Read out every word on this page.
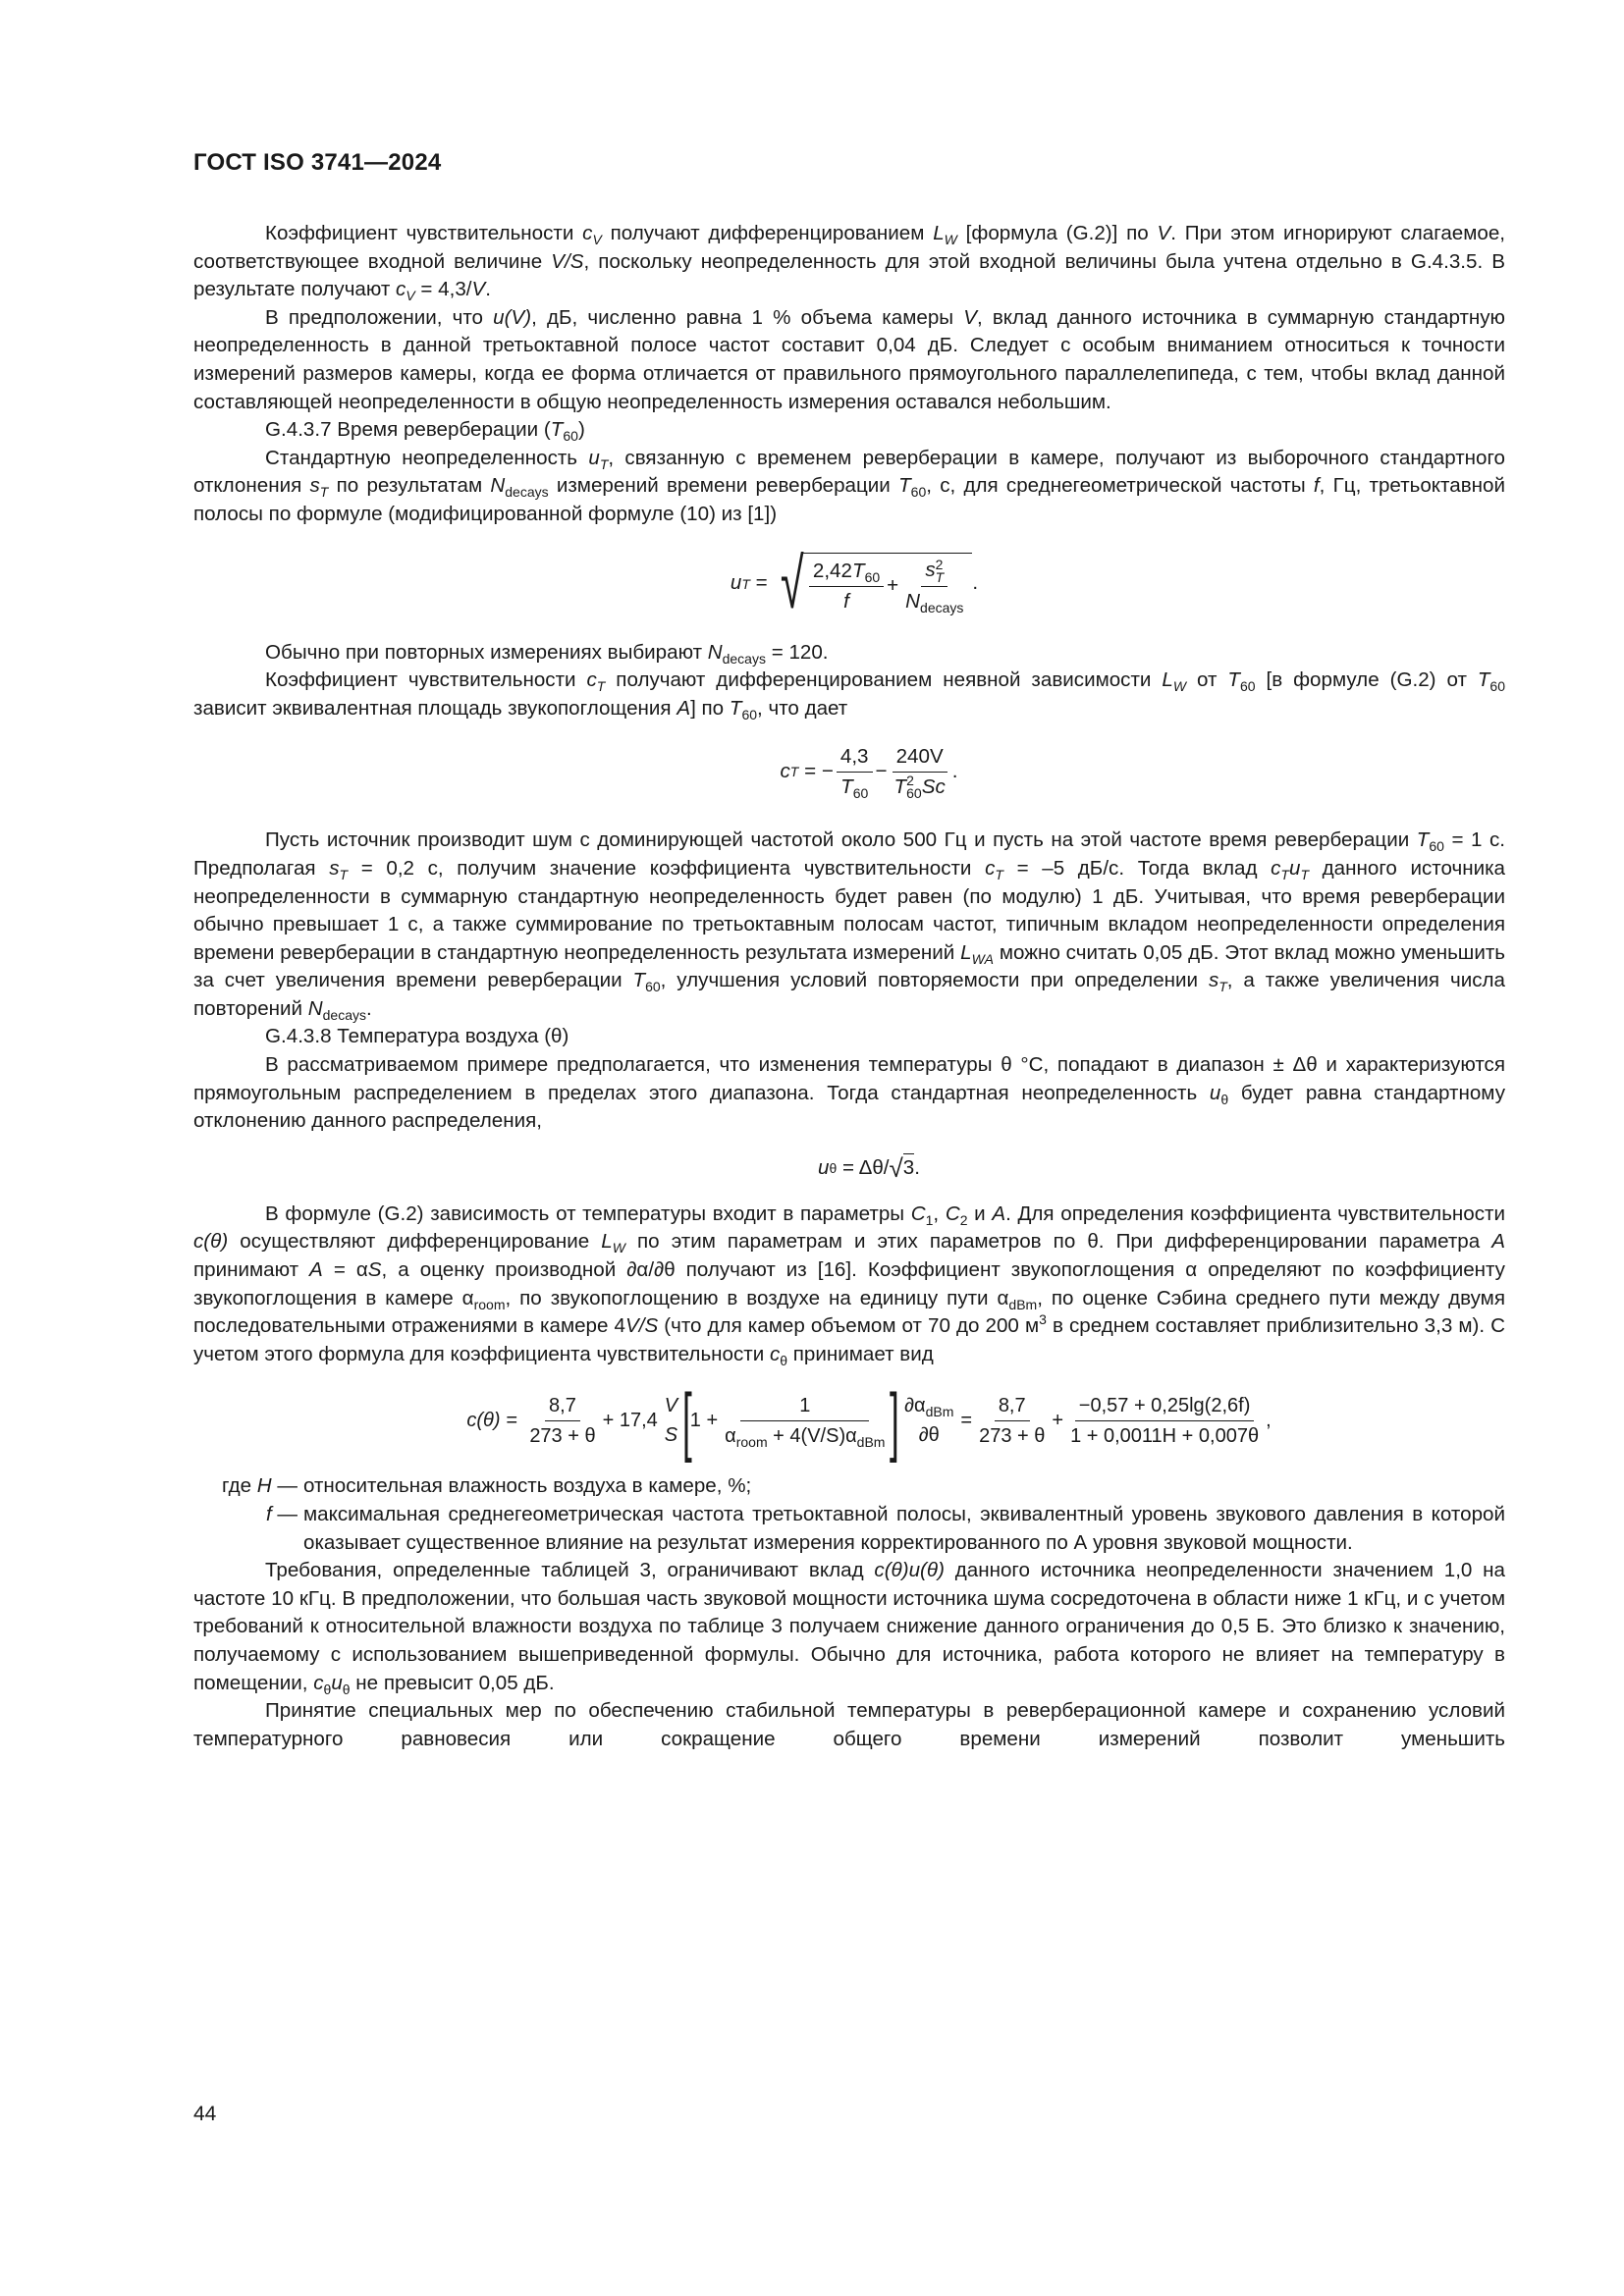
ГОСТ ISO 3741—2024

Коэффициент чувствительности $c_V$ получают дифференцированием $L_W$ [формула (G.2)] по V. При этом игнорируют слагаемое, соответствующее входной величине V/S, поскольку неопределенность для этой входной величины была учтена отдельно в G.4.3.5. В результате получают $c_V = 4,3/V$.

В предположении, что u(V), дБ, численно равна 1 % объема камеры V, вклад данного источника в суммарную стандартную неопределенность в данной третьоктавной полосе частот составит 0,04 дБ. Следует с особым вниманием относиться к точности измерений размеров камеры, когда ее форма отличается от правильного прямоугольного параллелепипеда, с тем, чтобы вклад данной составляющей неопределенности в общую неопределенность измерения оставался небольшим.

G.4.3.7 Время реверберации $(T_{60})$

Стандартную неопределенность $u_T$, связанную с временем реверберации в камере, получают из выборочного стандартного отклонения $s_T$ по результатам $N_{decays}$ измерений времени реверберации $T_{60}$, с, для среднегеометрической частоты f, Гц, третьоктавной полосы по формуле (модифицированной формуле (10) из [1])

u T = √ $\frac{2,42T_{60}}{f} + s$ 2
T
$N_{decays}$ .

Обычно при повторных измерениях выбирают $N_{decays} = 120$.

Коэффициент чувствительности $c_T$ получают дифференцированием неявной зависимости $L_W$ от $T_{60}$ [в формуле (G.2) от $T_{60}$ зависит эквивалентная площадь звукопоглощения A] по $T_{60}$, что дает

c T = − $\frac{4,3}{T_{60}} - 240V$
T 2
60 Sc .

Пусть источник производит шум с доминирующей частотой около 500 Гц и пусть на этой частоте время реверберации $T_{60} = 1$ с. Предполагая $s_T = 0,2$ с, получим значение коэффициента чувствительности $c_T = -5$ дБ/с. Тогда вклад $c_Tu_T$ данного источника неопределенности в суммарную стандартную неопределенность будет равен (по модулю) 1 дБ. Учитывая, что время реверберации обычно превышает 1 с, а также суммирование по третьоктавным полосам частот, типичным вкладом неопределенности определения времени реверберации в стандартную неопределенность результата измерений $L_{WA}$ можно считать 0,05 дБ. Этот вклад можно уменьшить за счет увеличения времени реверберации $T_{60}$, улучшения условий повторяемости при определении $s_T$, а также увеличения числа повторений $N_{decays}$.

G.4.3.8 Температура воздуха (θ)

В рассматриваемом примере предполагается, что изменения температуры θ °С, попадают в диапазон ± Δθ и характеризуются прямоугольным распределением в пределах этого диапазона. Тогда стандартная неопределенность $u_\theta$ будет равна стандартному отклонению данного распределения,

u θ = Δθ/ √ 3 .

В формуле (G.2) зависимость от температуры входит в параметры $C_1$, $C_2$ и A. Для определения коэффициента чувствительности c(θ) осуществляют дифференцирование $L_W$ по этим параметрам и этих параметров по θ. При дифференцировании параметра A принимают A = αS, а оценку производной ∂α/∂θ получают из [16]. Коэффициент звукопоглощения α определяют по коэффициенту звукопоглощения в камере $\alpha_{room}$, по звукопоглощению в воздухе на единицу пути $\alpha_{dBm}$, по оценке Сэбина среднего пути между двумя последовательными отражениями в камере 4V/S (что для камер объемом от 70 до 200 $м^3$ в среднем составляет приблизительно 3,3 м). С учетом этого формула для коэффициента чувствительности $c_\theta$ принимает вид

$c(\theta) = \frac{8,7}{273 + \theta} + 17,4$
V
S [
$1 + \frac{1}{\alpha_{room} + 4(V/S)\alpha_{dBm}}$ ] $\partial\alpha_{dBm}$
∂θ
= $\frac{8,7}{273 + \theta} + \frac{-0,57 + 0,25\lg(2,6f)}{1 + 0,0011H + 0,007\theta}$ ,
где H — относительная влажность воздуха в камере, %;
f — максимальная среднегеометрическая частота третьоктавной полосы, эквивалентный уровень звукового давления в которой оказывает существенное влияние на результат измерения корректированного по А уровня звуковой мощности.

Требования, определенные таблицей 3, ограничивают вклад c(θ)u(θ) данного источника неопределенности значением 1,0 на частоте 10 кГц. В предположении, что большая часть звуковой мощности источника шума сосредоточена в области ниже 1 кГц, и с учетом требований к относительной влажности воздуха по таблице 3 получаем снижение данного ограничения до 0,5 Б. Это близко к значению, получаемому с использованием вышеприведенной формулы. Обычно для источника, работа которого не влияет на температуру в помещении, $c_\theta u_\theta$ не превысит 0,05 дБ.

Принятие специальных мер по обеспечению стабильной температуры в реверберационной камере и сохранению условий температурного равновесия или сокращение общего времени измерений позволит уменьшить

44
